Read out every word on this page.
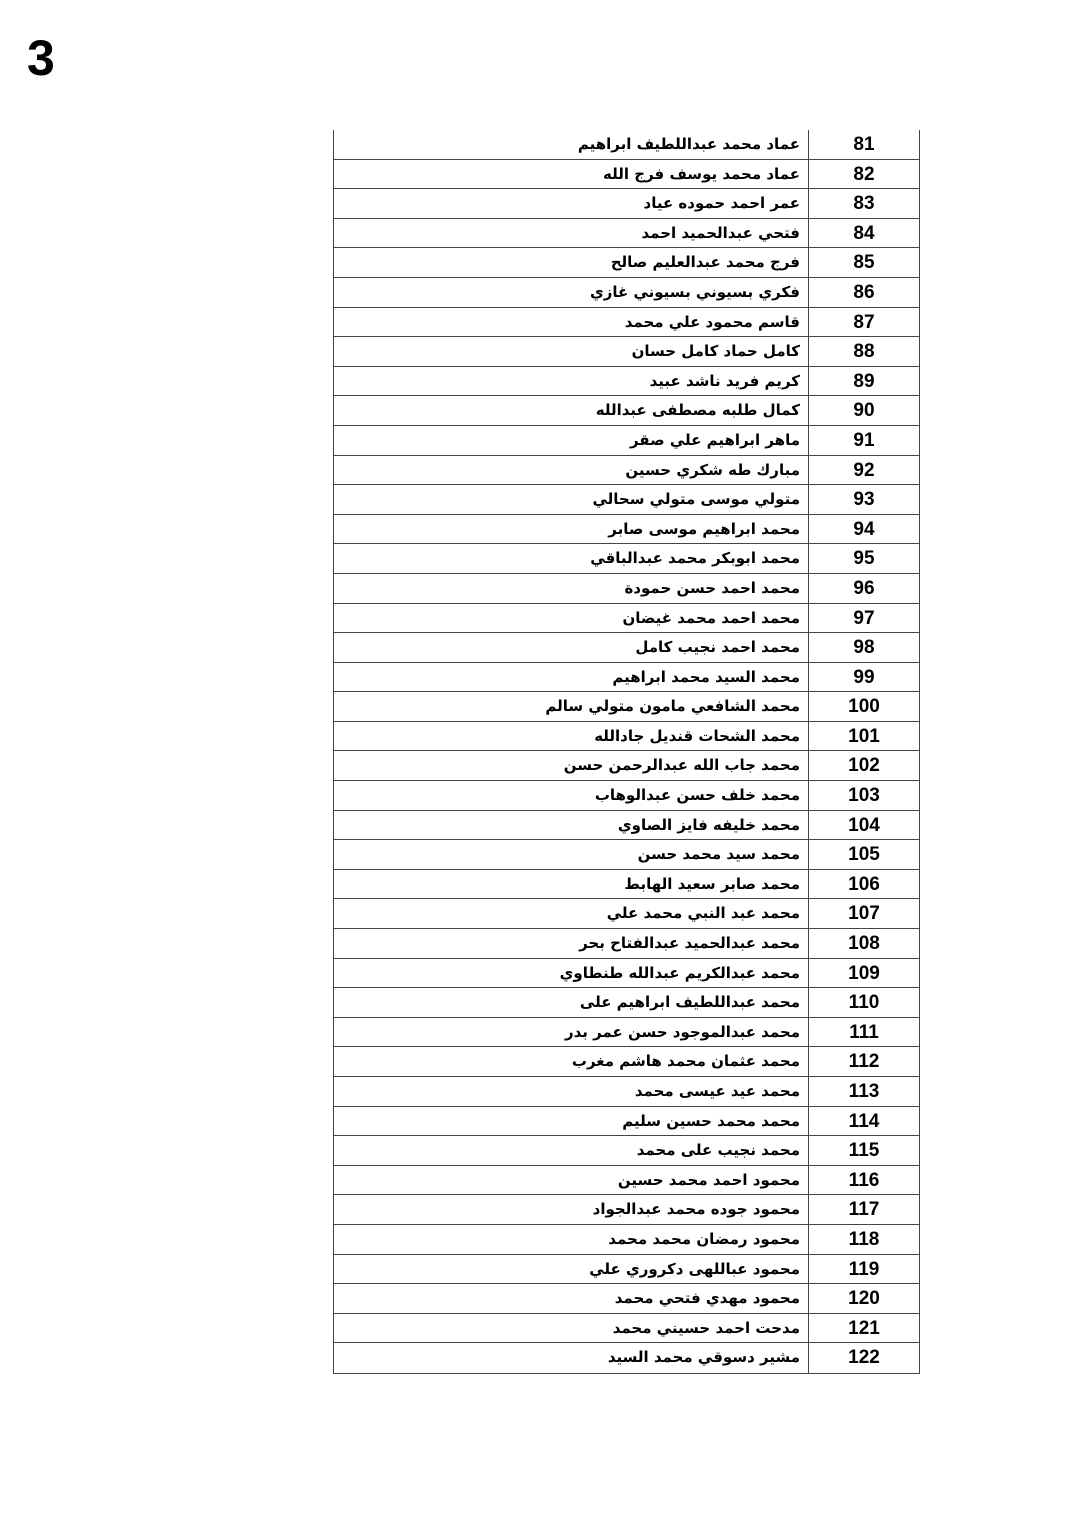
3
عماد محمد عبداللطيف ابراهيم	81
عماد محمد يوسف فرج الله	82
عمر احمد حموده عياد	83
فتحي عبدالحميد احمد	84
فرج محمد عبدالعليم صالح	85
فكري بسيوني بسيوني غازي	86
قاسم محمود علي محمد	87
كامل حماد كامل حسان	88
كريم فريد ناشد عبيد	89
كمال طلبه مصطفى عبدالله	90
ماهر ابراهيم علي صقر	91
مبارك طه شكري حسين	92
متولي موسى متولي سحالي	93
محمد ابراهيم موسى صابر	94
محمد ابوبكر محمد عبدالباقي	95
محمد احمد حسن حمودة	96
محمد احمد محمد غيضان	97
محمد احمد نجيب كامل	98
محمد السيد محمد ابراهيم	99
محمد الشافعي مامون متولي سالم	100
محمد الشحات قنديل جادالله	101
محمد جاب الله عبدالرحمن حسن	102
محمد خلف حسن عبدالوهاب	103
محمد خليفه فايز الصاوي	104
محمد سيد محمد حسن	105
محمد صابر سعيد الهابط	106
محمد عبد النبي محمد علي	107
محمد عبدالحميد عبدالفتاح بحر	108
محمد عبدالكريم عبدالله طنطاوي	109
محمد عبداللطيف ابراهيم على	110
محمد عبدالموجود حسن عمر بدر	111
محمد عثمان محمد هاشم مغرب	112
محمد عيد عيسى محمد	113
محمد محمد حسين سليم	114
محمد نجيب على محمد	115
محمود احمد محمد حسين	116
محمود جوده محمد عبدالجواد	117
محمود رمضان محمد محمد	118
محمود عباللهى دكروري علي	119
محمود مهدي فتحي محمد	120
مدحت احمد حسيني محمد	121
مشير دسوقي محمد السيد	122
